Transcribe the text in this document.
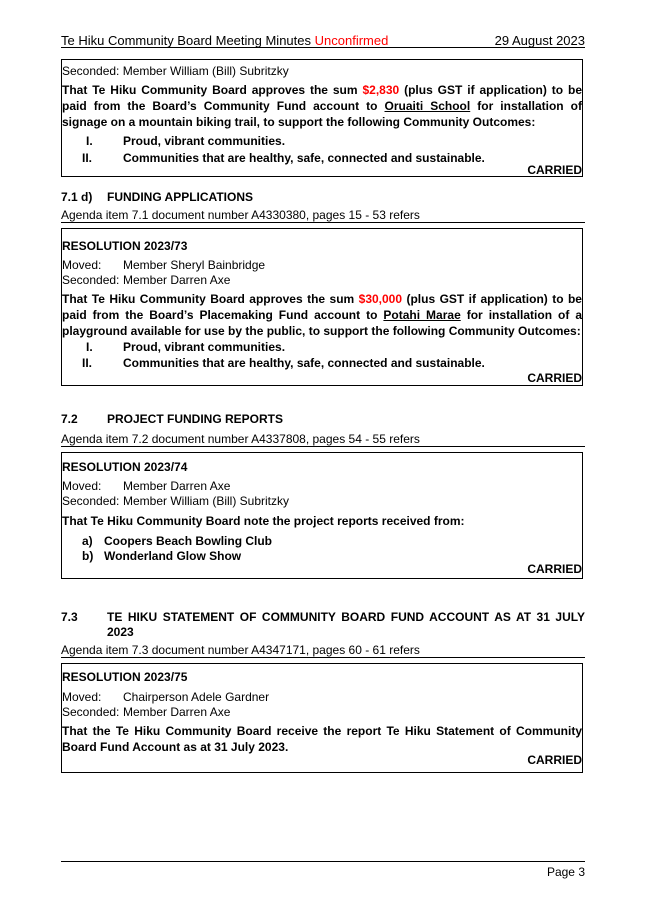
Te Hiku Community Board Meeting Minutes Unconfirmed	29 August 2023
Seconded: Member William (Bill) Subritzky
That Te Hiku Community Board approves the sum $2,830 (plus GST if application) to be paid from the Board’s Community Fund account to Oruaiti School for installation of signage on a mountain biking trail, to support the following Community Outcomes:
I.	Proud, vibrant communities.
II.	Communities that are healthy, safe, connected and sustainable.
CARRIED
7.1 d) FUNDING APPLICATIONS
Agenda item 7.1 document number A4330380, pages 15 - 53 refers
RESOLUTION 2023/73
Moved: Member Sheryl Bainbridge
Seconded: Member Darren Axe
That Te Hiku Community Board approves the sum $30,000 (plus GST if application) to be paid from the Board’s Placemaking Fund account to Potahi Marae for installation of a playground available for use by the public, to support the following Community Outcomes:
I.	Proud, vibrant communities.
II.	Communities that are healthy, safe, connected and sustainable.
CARRIED
7.2 PROJECT FUNDING REPORTS
Agenda item 7.2 document number A4337808, pages 54 - 55 refers
RESOLUTION 2023/74
Moved: Member Darren Axe
Seconded: Member William (Bill) Subritzky
That Te Hiku Community Board note the project reports received from:
a) Coopers Beach Bowling Club
b) Wonderland Glow Show
CARRIED
7.3 TE HIKU STATEMENT OF COMMUNITY BOARD FUND ACCOUNT AS AT 31 JULY 2023
Agenda item 7.3 document number A4347171, pages 60 - 61 refers
RESOLUTION 2023/75
Moved: Chairperson Adele Gardner
Seconded: Member Darren Axe
That the Te Hiku Community Board receive the report Te Hiku Statement of Community Board Fund Account as at 31 July 2023.
CARRIED
Page 3
